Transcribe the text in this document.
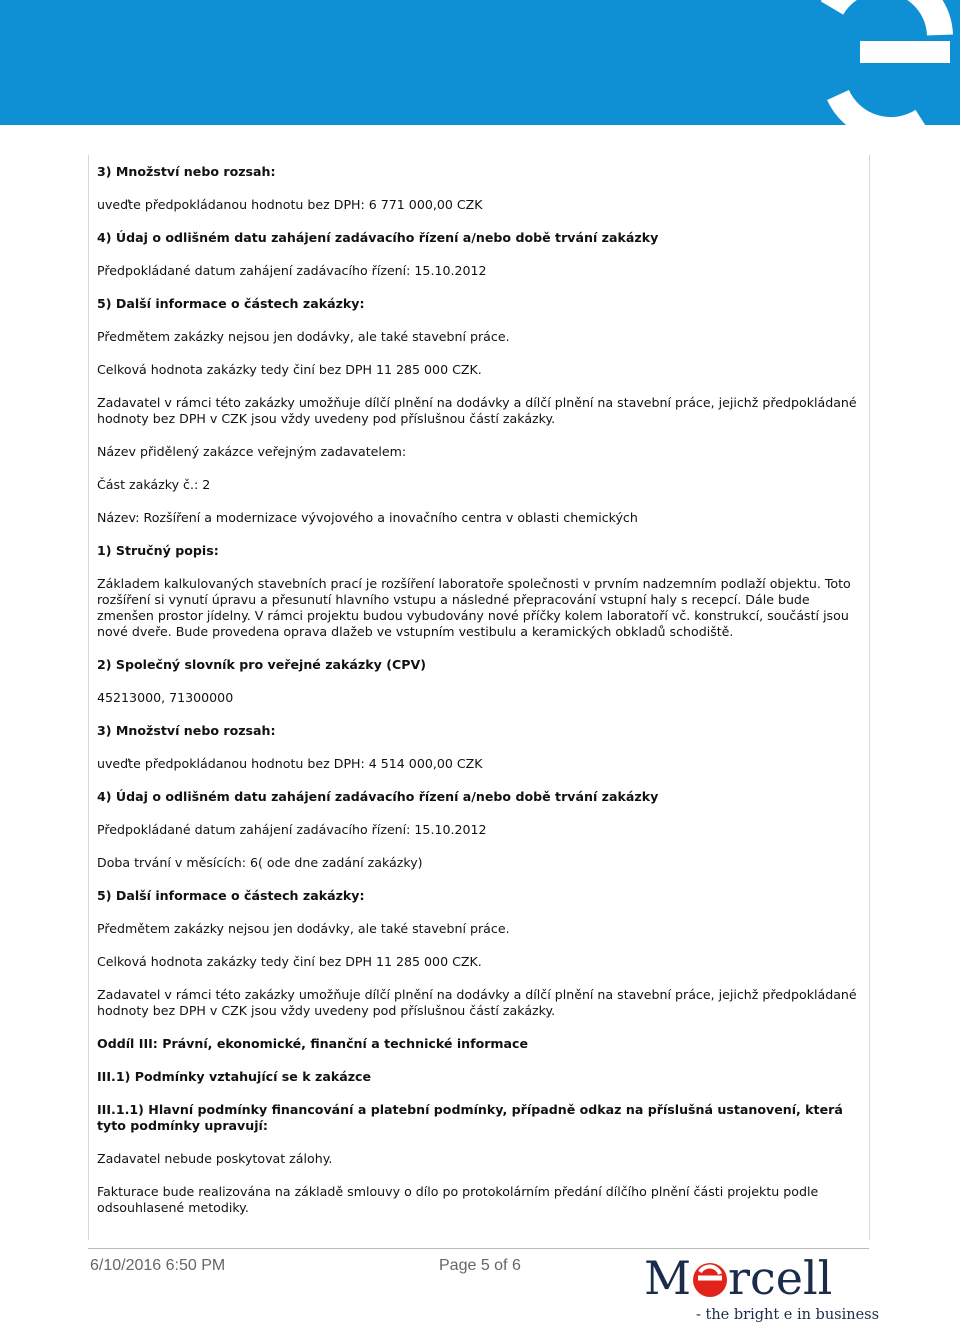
3) Množství nebo rozsah:

uveďte předpokládanou hodnotu bez DPH: 6 771 000,00 CZK

4) Údaj o odlišném datu zahájení zadávacího řízení a/nebo době trvání zakázky

Předpokládané datum zahájení zadávacího řízení: 15.10.2012

5) Další informace o částech zakázky:

Předmětem zakázky nejsou jen dodávky, ale také stavební práce.

Celková hodnota zakázky tedy činí bez DPH 11 285 000 CZK.

Zadavatel v rámci této zakázky umožňuje dílčí plnění na dodávky a dílčí plnění na stavební práce, jejichž předpokládané hodnoty bez DPH v CZK jsou vždy uvedeny pod příslušnou částí zakázky.

Název přidělený zakázce veřejným zadavatelem:

Část zakázky č.: 2

Název: Rozšíření a modernizace vývojového a inovačního centra v oblasti chemických

1) Stručný popis:

Základem kalkulovaných stavebních prací je rozšíření laboratoře společnosti v prvním nadzemním podlaží objektu. Toto rozšíření si vynutí úpravu a přesunutí hlavního vstupu a následné přepracování vstupní haly s recepcí. Dále bude zmenšen prostor jídelny. V rámci projektu budou vybudovány nové příčky kolem laboratoří vč. konstrukcí, součástí jsou nové dveře. Bude provedena oprava dlažeb ve vstupním vestibulu a keramických obkladů schodiště.

2) Společný slovník pro veřejné zakázky (CPV)

45213000, 71300000

3) Množství nebo rozsah:

uveďte předpokládanou hodnotu bez DPH: 4 514 000,00 CZK

4) Údaj o odlišném datu zahájení zadávacího řízení a/nebo době trvání zakázky

Předpokládané datum zahájení zadávacího řízení: 15.10.2012

Doba trvání v měsících: 6( ode dne zadání zakázky)

5) Další informace o částech zakázky:

Předmětem zakázky nejsou jen dodávky, ale také stavební práce.

Celková hodnota zakázky tedy činí bez DPH 11 285 000 CZK.

Zadavatel v rámci této zakázky umožňuje dílčí plnění na dodávky a dílčí plnění na stavební práce, jejichž předpokládané hodnoty bez DPH v CZK jsou vždy uvedeny pod příslušnou částí zakázky.

Oddíl III: Právní, ekonomické, finanční a technické informace

III.1) Podmínky vztahující se k zakázce

III.1.1) Hlavní podmínky financování a platební podmínky, případně odkaz na příslušná ustanovení, která tyto podmínky upravují:

Zadavatel nebude poskytovat zálohy.

Fakturace bude realizována na základě smlouvy o dílo po protokolárním předání dílčího plnění části projektu podle odsouhlasené metodiky.

6/10/2016 6:50 PM	Page 5 of 6	M rcell
- the bright e in business
